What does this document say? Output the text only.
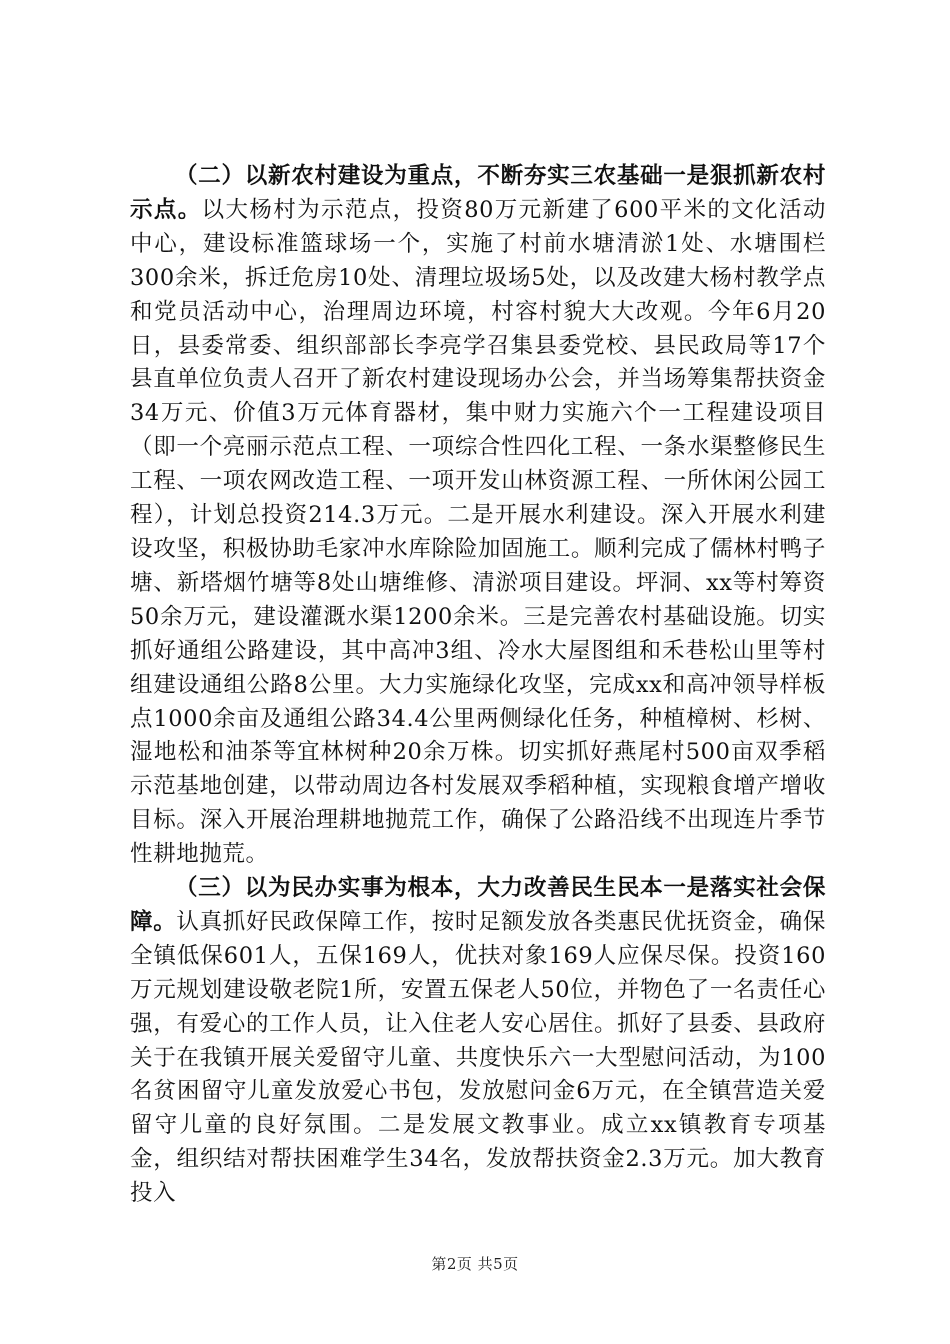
（二）以新农村建设为重点，不断夯实三农基础一是狠抓新农村示点。以大杨村为示范点，投资80万元新建了600平米的文化活动中心，建设标准篮球场一个，实施了村前水塘清淤1处、水塘围栏300余米，拆迁危房10处、清理垃圾场5处，以及改建大杨村教学点和党员活动中心，治理周边环境，村容村貌大大改观。今年6月20日，县委常委、组织部部长李亮学召集县委党校、县民政局等17个县直单位负责人召开了新农村建设现场办公会，并当场筹集帮扶资金34万元、价值3万元体育器材，集中财力实施六个一工程建设项目（即一个亮丽示范点工程、一项综合性四化工程、一条水渠整修民生工程、一项农网改造工程、一项开发山林资源工程、一所休闲公园工程），计划总投资214.3万元。二是开展水利建设。深入开展水利建设攻坚，积极协助毛家冲水库除险加固施工。顺利完成了儒林村鸭子塘、新塔烟竹塘等8处山塘维修、清淤项目建设。坪洞、xx等村筹资50余万元，建设灌溉水渠1200余米。三是完善农村基础设施。切实抓好通组公路建设，其中高冲3组、冷水大屋图组和禾巷松山里等村组建设通组公路8公里。大力实施绿化攻坚，完成xx和高冲领导样板点1000余亩及通组公路34.4公里两侧绿化任务，种植樟树、杉树、湿地松和油茶等宜林树种20余万株。切实抓好燕尾村500亩双季稻示范基地创建，以带动周边各村发展双季稻种植，实现粮食增产增收目标。深入开展治理耕地抛荒工作，确保了公路沿线不出现连片季节性耕地抛荒。

（三）以为民办实事为根本，大力改善民生民本一是落实社会保障。认真抓好民政保障工作，按时足额发放各类惠民优抚资金，确保全镇低保601人，五保169人，优扶对象169人应保尽保。投资160万元规划建设敬老院1所，安置五保老人50位，并物色了一名责任心强，有爱心的工作人员，让入住老人安心居住。抓好了县委、县政府关于在我镇开展关爱留守儿童、共度快乐六一大型慰问活动，为100名贫困留守儿童发放爱心书包，发放慰问金6万元，在全镇营造关爱留守儿童的良好氛围。二是发展文教事业。成立xx镇教育专项基金，组织结对帮扶困难学生34名，发放帮扶资金2.3万元。加大教育投入

第2页 共5页
